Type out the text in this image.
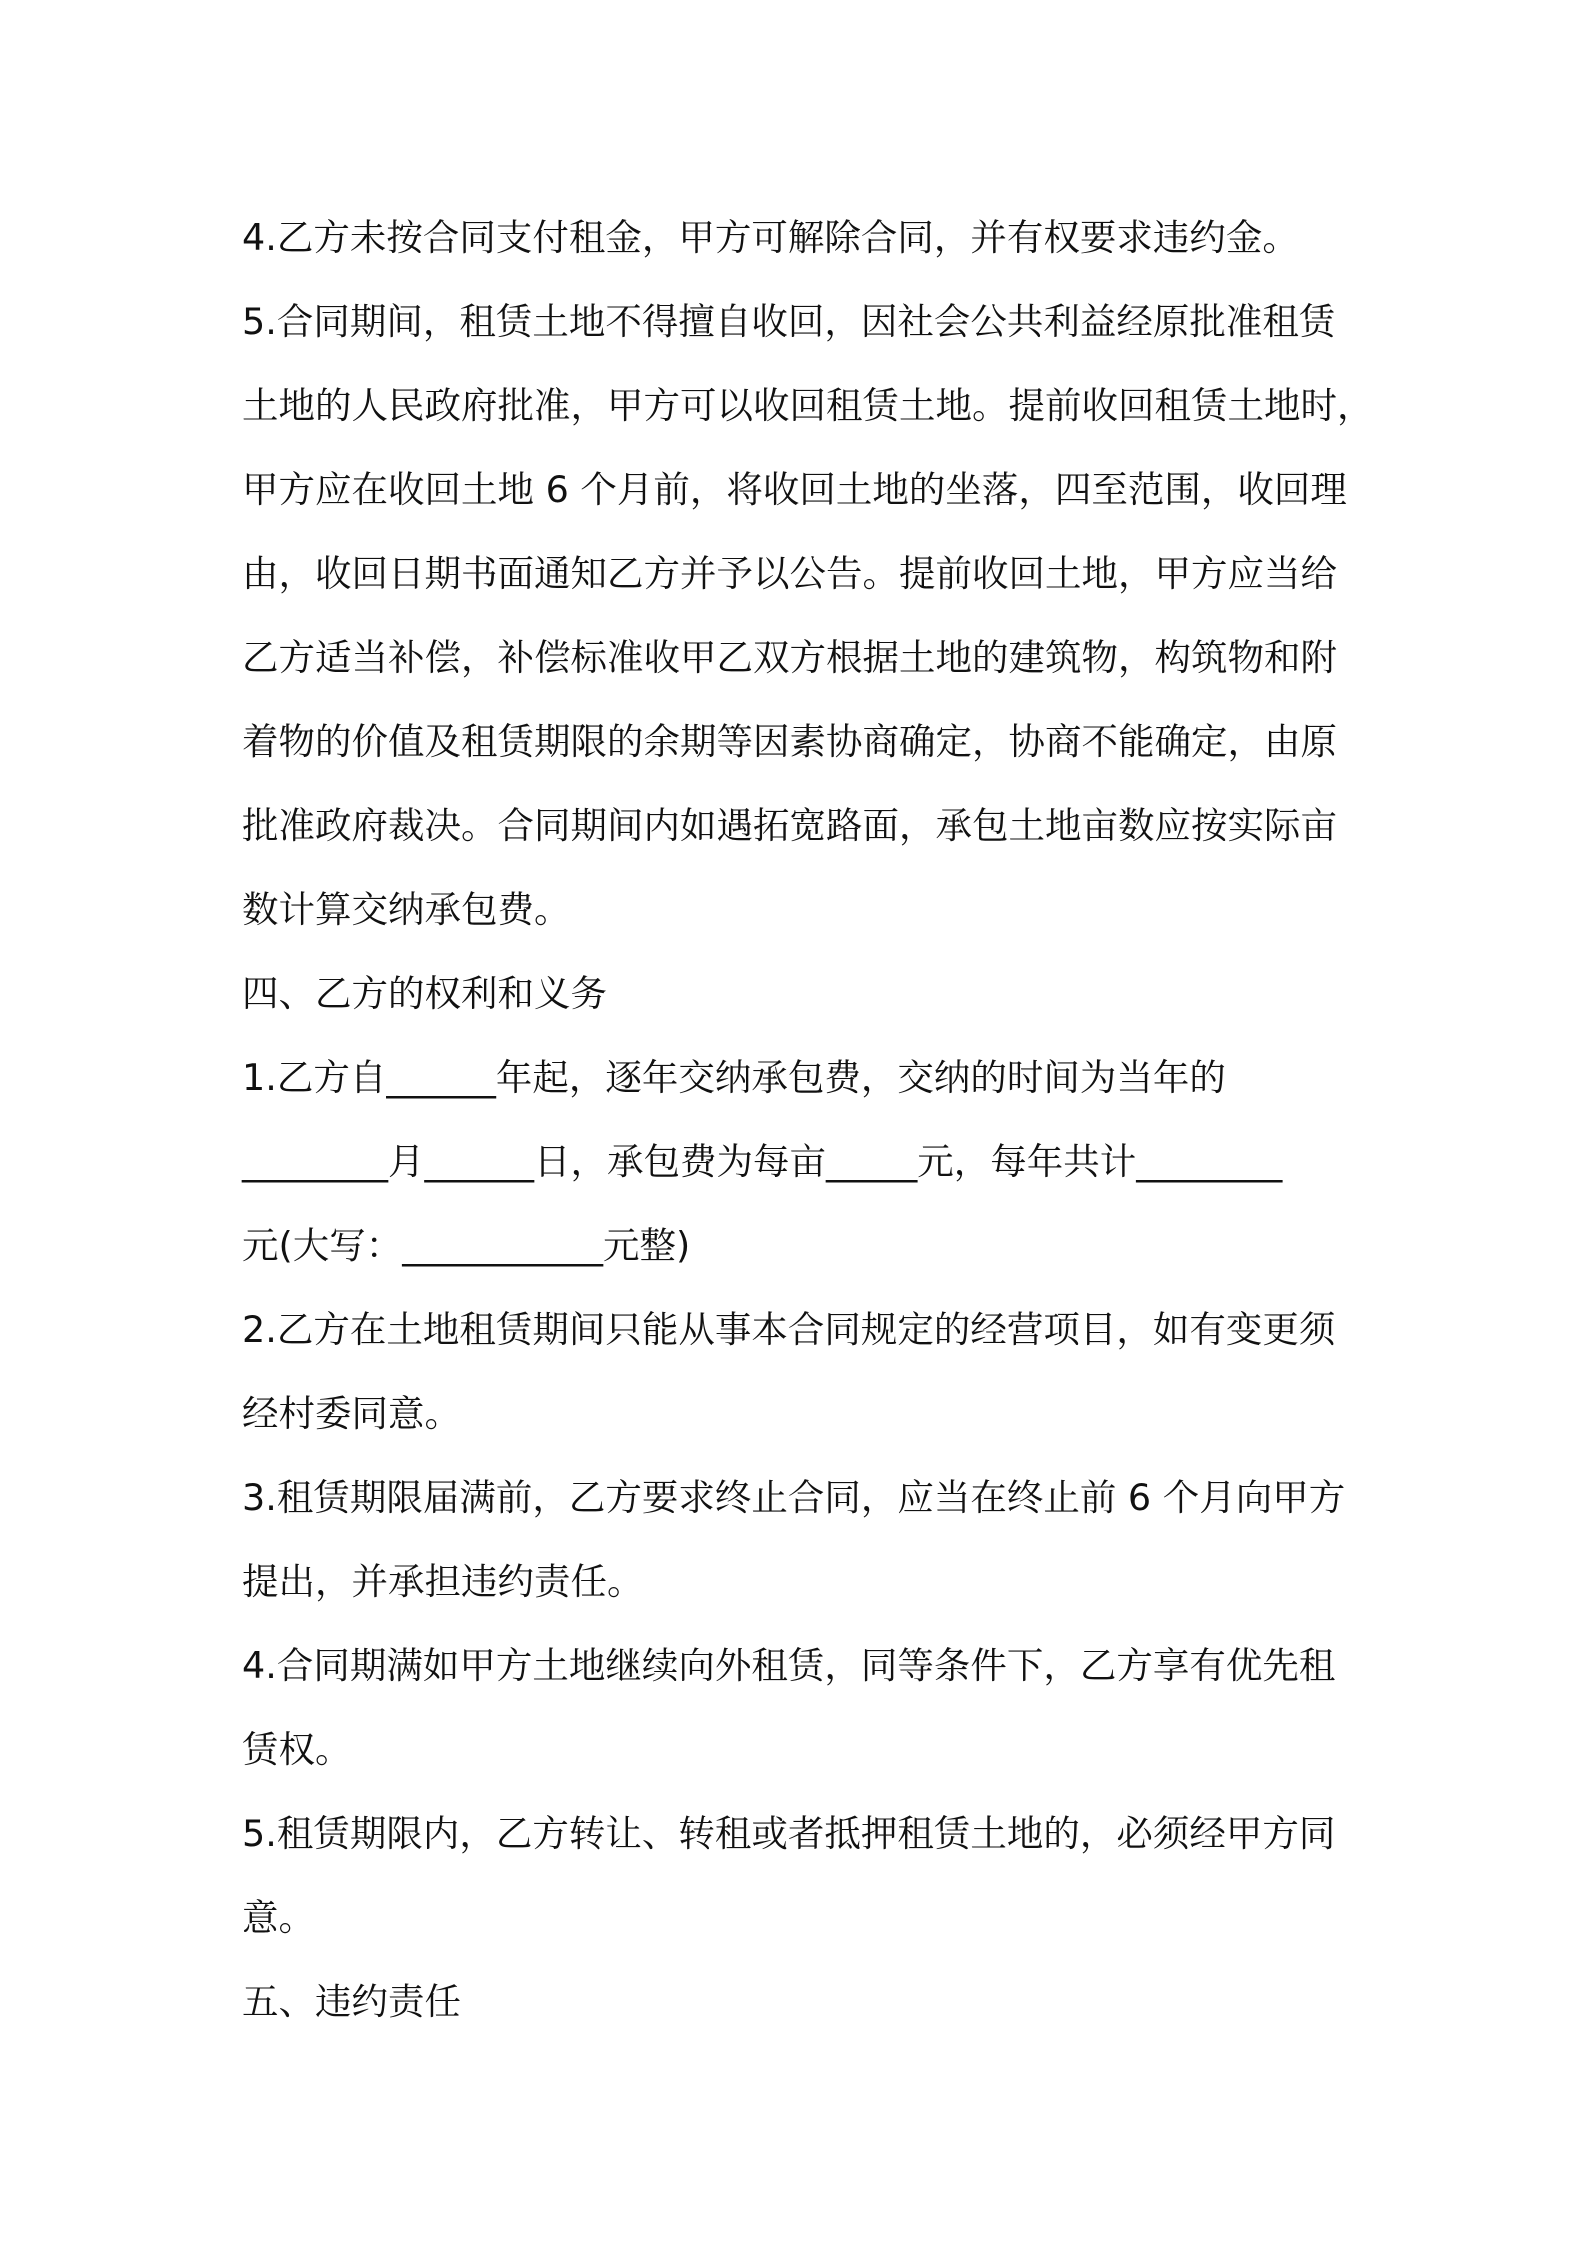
4.乙方未按合同支付租金，甲方可解除合同，并有权要求违约金。

5.合同期间，租赁土地不得擅自收回，因社会公共利益经原批准租赁
土地的人民政府批准，甲方可以收回租赁土地。提前收回租赁土地时，
甲方应在收回土地 6 个月前，将收回土地的坐落，四至范围，收回理
由，收回日期书面通知乙方并予以公告。提前收回土地，甲方应当给
乙方适当补偿，补偿标准收甲乙双方根据土地的建筑物，构筑物和附
着物的价值及租赁期限的余期等因素协商确定，协商不能确定，由原
批准政府裁决。合同期间内如遇拓宽路面，承包土地亩数应按实际亩
数计算交纳承包费。

四、乙方的权利和义务

1.乙方自______年起，逐年交纳承包费，交纳的时间为当年的
________月______日，承包费为每亩_____元，每年共计________
元(大写：___________元整)

2.乙方在土地租赁期间只能从事本合同规定的经营项目，如有变更须
经村委同意。

3.租赁期限届满前，乙方要求终止合同，应当在终止前 6 个月向甲方
提出，并承担违约责任。

4.合同期满如甲方土地继续向外租赁，同等条件下，乙方享有优先租
赁权。

5.租赁期限内，乙方转让、转租或者抵押租赁土地的，必须经甲方同
意。

五、违约责任
